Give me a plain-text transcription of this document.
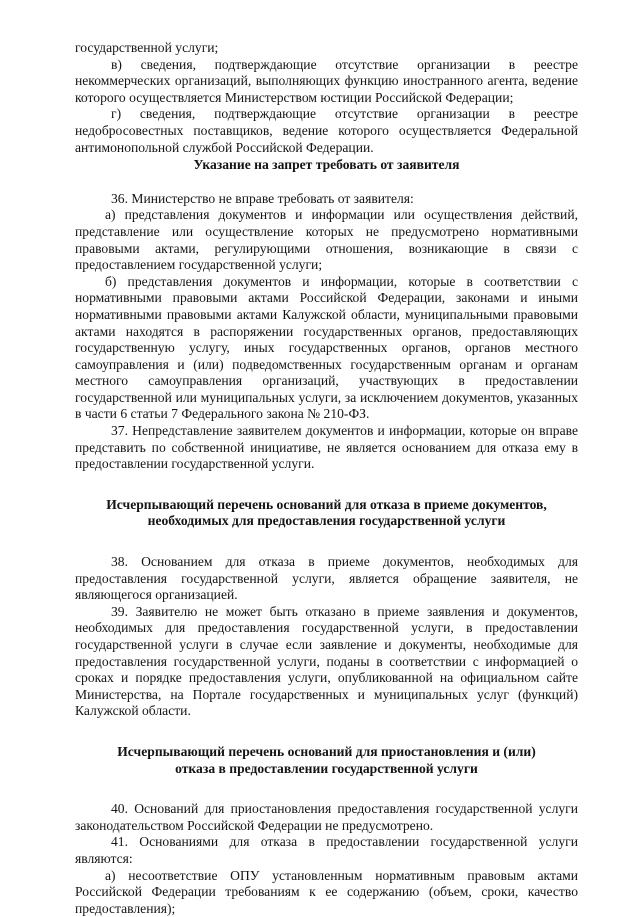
государственной услуги;

в) сведения, подтверждающие отсутствие организации в реестре некоммерческих организаций, выполняющих функцию иностранного агента, ведение которого осуществляется Министерством юстиции Российской Федерации;

г) сведения, подтверждающие отсутствие организации в реестре недобросовестных поставщиков, ведение которого осуществляется Федеральной антимонопольной службой Российской Федерации.

Указание на запрет требовать от заявителя

36. Министерство не вправе требовать от заявителя:

а) представления документов и информации или осуществления действий, представление или осуществление которых не предусмотрено нормативными правовыми актами, регулирующими отношения, возникающие в связи с предоставлением государственной услуги;

б) представления документов и информации, которые в соответствии с нормативными правовыми актами Российской Федерации, законами и иными нормативными правовыми актами Калужской области, муниципальными правовыми актами находятся в распоряжении государственных органов, предоставляющих государственную услугу, иных государственных органов, органов местного самоуправления и (или) подведомственных государственным органам и органам местного самоуправления организаций, участвующих в предоставлении государственной или муниципальных услуги, за исключением документов, указанных в части 6 статьи 7 Федерального закона № 210-ФЗ.

37. Непредставление заявителем документов и информации, которые он вправе представить по собственной инициативе, не является основанием для отказа ему в предоставлении государственной услуги.

Исчерпывающий перечень оснований для отказа в приеме документов,
необходимых для предоставления государственной услуги

38. Основанием для отказа в приеме документов, необходимых для предоставления государственной услуги, является обращение заявителя, не являющегося организацией.

39. Заявителю не может быть отказано в приеме заявления и документов, необходимых для предоставления государственной услуги, в предоставлении государственной услуги в случае если заявление и документы, необходимые для предоставления государственной услуги, поданы в соответствии с информацией о сроках и порядке предоставления услуги, опубликованной на официальном сайте Министерства, на Портале государственных и муниципальных услуг (функций) Калужской области.

Исчерпывающий перечень оснований для приостановления и (или)
отказа в предоставлении государственной услуги

40. Оснований для приостановления предоставления государственной услуги законодательством Российской Федерации не предусмотрено.

41. Основаниями для отказа в предоставлении государственной услуги являются:

а) несоответствие ОПУ установленным нормативным правовым актами Российской Федерации требованиям к ее содержанию (объем, сроки, качество предоставления);
